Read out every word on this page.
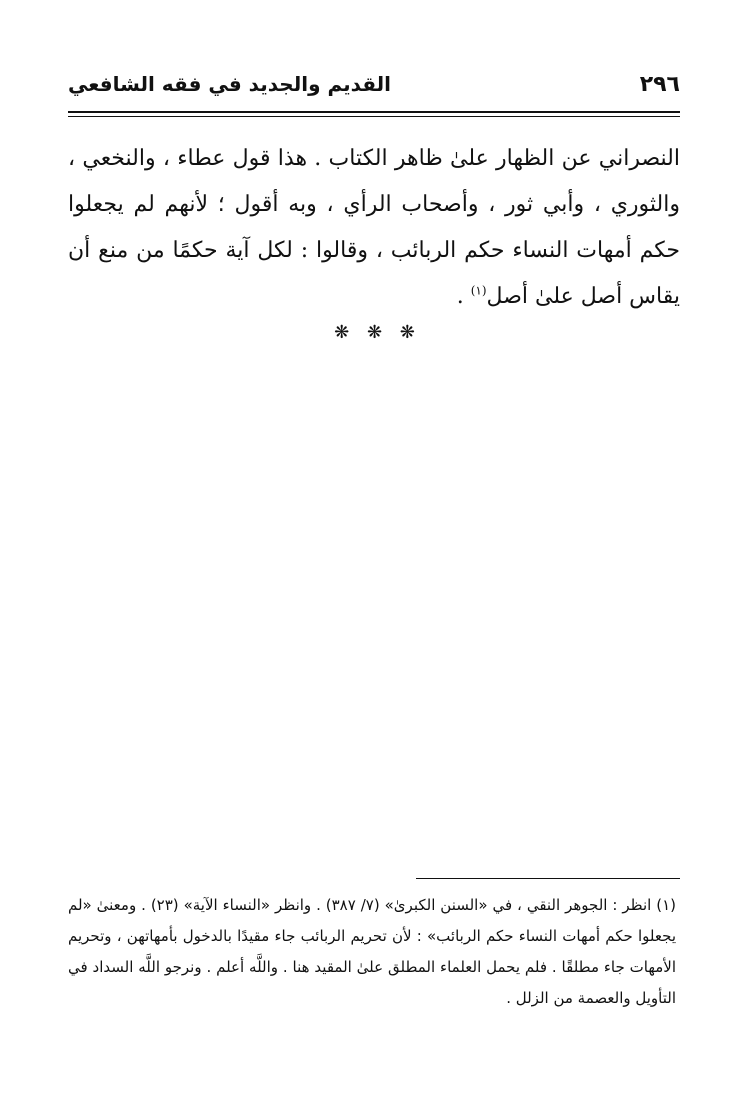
٢٩٦
القديم والجديد في فقه الشافعي

النصراني عن الظهار علىٰ ظاهر الكتاب . هذا قول عطاء ، والنخعي ، والثوري ، وأبي ثور ، وأصحاب الرأي ، وبه أقول ؛ لأنهم لم يجعلوا حكم أمهات النساء حكم الربائب ، وقالوا : لكل آية حكمًا من منع أن يقاس أصل علىٰ أصل$^{(١)}$ .

❋ ❋ ❋

(١) انظر : الجوهر النقي ، في «السنن الكبرىٰ» (٧/ ٣٨٧) . وانظر «النساء الآية» (٢٣) . ومعنىٰ «لم يجعلوا حكم أمهات النساء حكم الربائب» : لأن تحريم الربائب جاء مقيدًا بالدخول بأمهاتهن ، وتحريم الأمهات جاء مطلقًا . فلم يحمل العلماء المطلق علىٰ المقيد هنا . واللَّه أعلم . ونرجو اللَّه السداد في التأويل والعصمة من الزلل .
